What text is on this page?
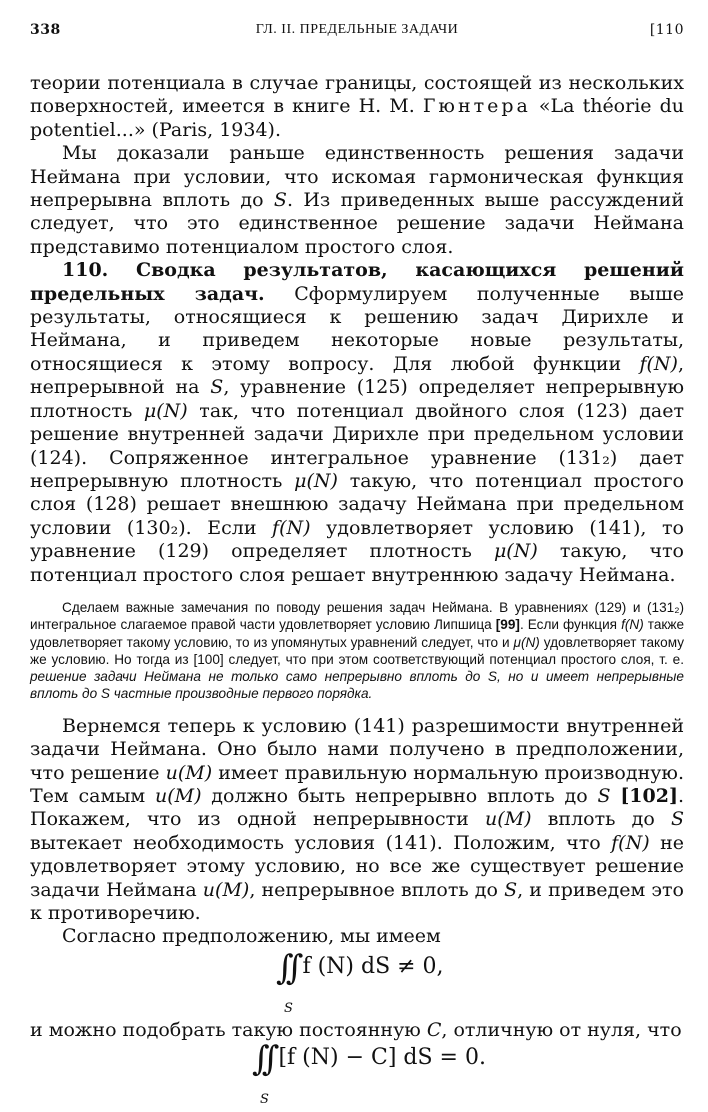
338	ГЛ. II. ПРЕДЕЛЬНЫЕ ЗАДАЧИ	[110

теории потенциала в случае границы, состоящей из нескольких поверхностей, имеется в книге Н. М. Гюнтера «La théorie du potentiel...» (Paris, 1934).

Мы доказали раньше единственность решения задачи Неймана при условии, что искомая гармоническая функция непрерывна вплоть до S. Из приведенных выше рассуждений следует, что это единственное решение задачи Неймана представимо потенциалом простого слоя.

110. Сводка результатов, касающихся решений предельных задач. Сформулируем полученные выше результаты, относящиеся к решению задач Дирихле и Неймана, и приведем некоторые новые результаты, относящиеся к этому вопросу. Для любой функции f(N), непрерывной на S, уравнение (125) определяет непрерывную плотность μ(N) так, что потенциал двойного слоя (123) дает решение внутренней задачи Дирихле при предельном условии (124). Сопряженное интегральное уравнение (131₂) дает непрерывную плотность μ(N) такую, что потенциал простого слоя (128) решает внешнюю задачу Неймана при предельном условии (130₂). Если f(N) удовлетворяет условию (141), то уравнение (129) определяет плотность μ(N) такую, что потенциал простого слоя решает внутреннюю задачу Неймана.

Сделаем важные замечания по поводу решения задач Неймана. В уравнениях (129) и (131₂) интегральное слагаемое правой части удовлетворяет условию Липшица [99]. Если функция f(N) также удовлетворяет такому условию, то из упомянутых уравнений следует, что и μ(N) удовлетворяет такому же условию. Но тогда из [100] следует, что при этом соответствующий потенциал простого слоя, т. е. решение задачи Неймана не только само непрерывно вплоть до S, но и имеет непрерывные вплоть до S частные производные первого порядка.

Вернемся теперь к условию (141) разрешимости внутренней задачи Неймана. Оно было нами получено в предположении, что решение u(M) имеет правильную нормальную производную. Тем самым u(M) должно быть непрерывно вплоть до S [102]. Покажем, что из одной непрерывности u(M) вплоть до S вытекает необходимость условия (141). Положим, что f(N) не удовлетворяет этому условию, но все же существует решение задачи Неймана u(M), непрерывное вплоть до S, и приведем это к противоречию.

Согласно предположению, мы имеем

∫∫ f (N) dS ≠ 0,
S

и можно подобрать такую постоянную C, отличную от нуля, что

∫∫ [f (N) − C] dS = 0.
S
